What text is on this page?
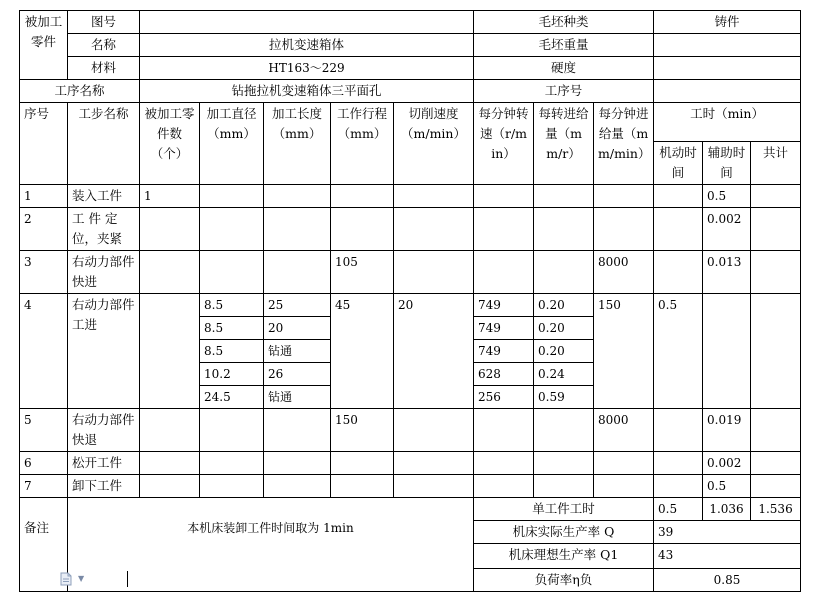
被加工零件	图号						毛坯种类			铸件		
	名称	拉机变速箱体					毛坯重量					
	材料	HT163～229					硬度					
工序名称		钻拖拉机变速箱体三平面孔					工序号					
序号	工步名称	被加工零件数（个）	加工直径（mm）	加工长度（mm）	工作行程（mm）	切削速度（m/min）	每分钟转速（r/min）	每转进给量（mm/r）	每分钟进给量（mm/min）	工时（min）		
										机动时间	辅助时间	共计
1	装入工件	1									0.5	
2	工 件 定位，夹紧										0.002	
3	右动力部件快进				105				8000		0.013	
4	右动力部件工进		8.5	25	45	20	749	0.20	150	0.5		
			8.5	20			749	0.20				
			8.5	钻通			749	0.20				
			10.2	26			628	0.24				
			24.5	钻通			256	0.59				
5	右动力部件快退				150				8000		0.019	
6	松开工件										0.002	
7	卸下工件										0.5	
备注	本机床装卸工件时间取为 1min						单工件工时			0.5	1.036	1.536
							机床实际生产率 Q			39		
							机床理想生产率 Q1			43		
							负荷率η负			0.85		
▼
